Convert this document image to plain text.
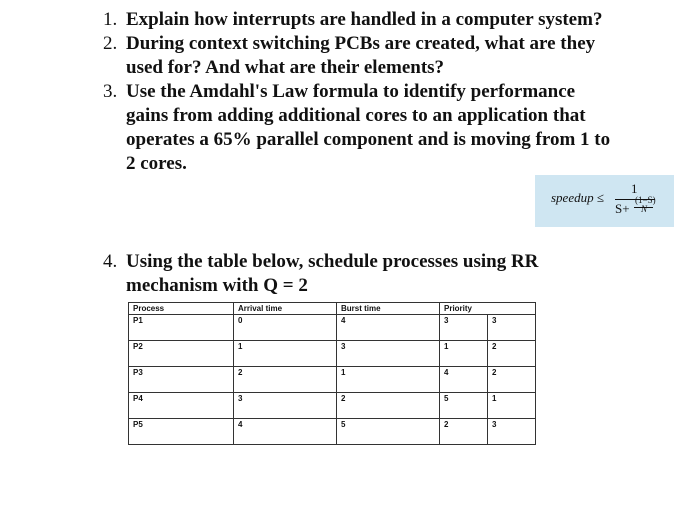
1. Explain how interrupts are handled in a computer system?
2. During context switching PCBs are created, what are they
used for? And what are their elements?
3. Use the Amdahl's Law formula to identify performance
gains from adding additional cores to an application that
operates a 65% parallel component and is moving from 1 to
2 cores.
speedup ≤
1
S+
(1−S)
N
4. Using the table below, schedule processes using RR
mechanism with Q = 2
Process	Arrival time	Burst time	Priority	
P1	0	4	3	3
P2	1	3	1	2
P3	2	1	4	2
P4	3	2	5	1
P5	4	5	2	3
